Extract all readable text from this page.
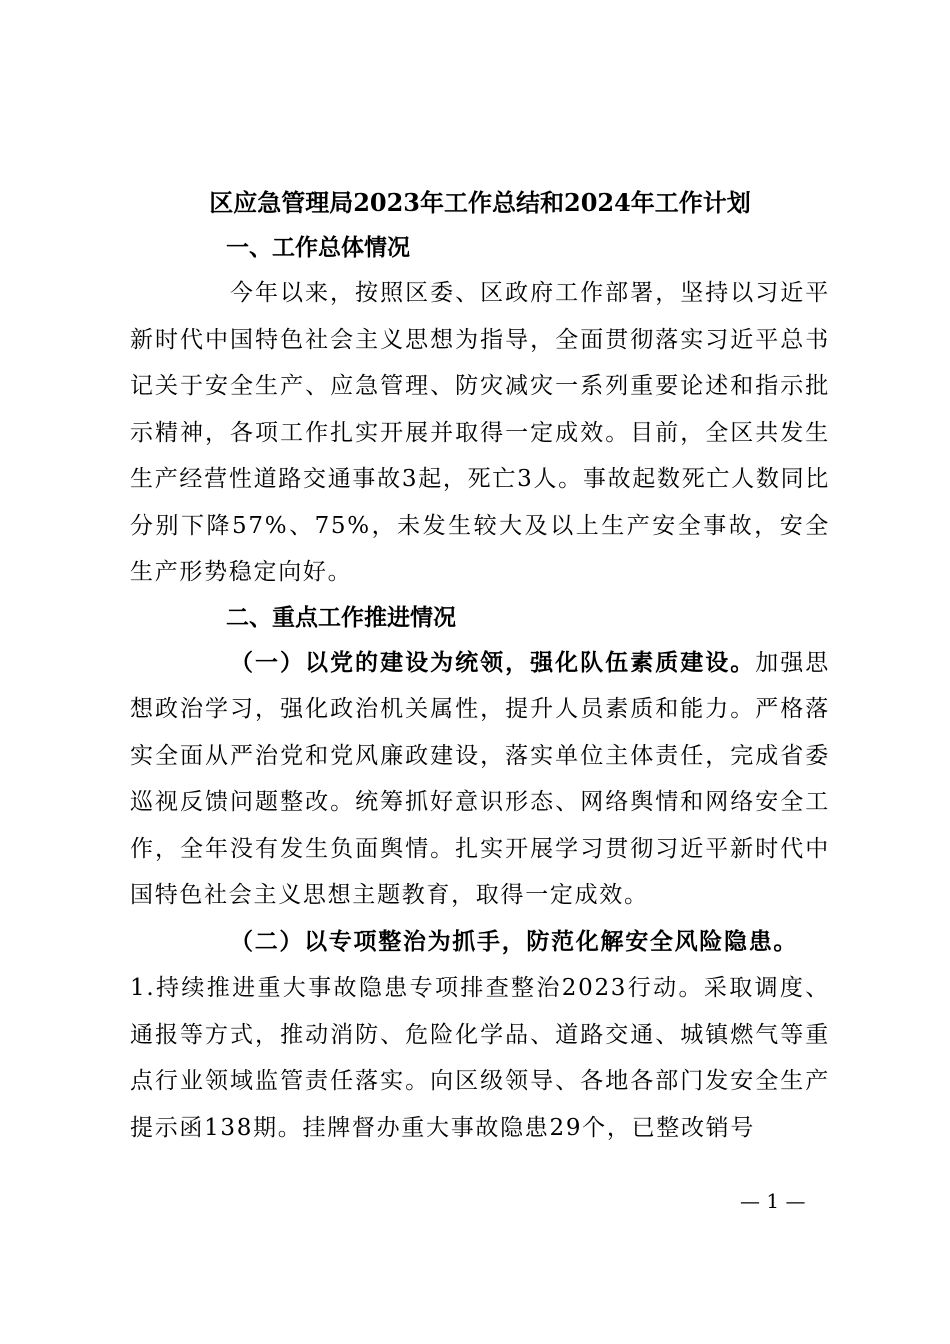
区应急管理局2023年工作总结和2024年工作计划
一、工作总体情况

今年以来，按照区委、区政府工作部署，坚持以习近平新时代中国特色社会主义思想为指导，全面贯彻落实习近平总书记关于安全生产、应急管理、防灾减灾一系列重要论述和指示批示精神，各项工作扎实开展并取得一定成效。目前，全区共发生生产经营性道路交通事故3起，死亡3人。事故起数死亡人数同比分别下降57%、75%，未发生较大及以上生产安全事故，安全生产形势稳定向好。

二、重点工作推进情况

（一）以党的建设为统领，强化队伍素质建设。加强思想政治学习，强化政治机关属性，提升人员素质和能力。严格落实全面从严治党和党风廉政建设，落实单位主体责任，完成省委巡视反馈问题整改。统筹抓好意识形态、网络舆情和网络安全工作，全年没有发生负面舆情。扎实开展学习贯彻习近平新时代中国特色社会主义思想主题教育，取得一定成效。

（二）以专项整治为抓手，防范化解安全风险隐患。

1.持续推进重大事故隐患专项排查整治2023行动。采取调度、通报等方式，推动消防、危险化学品、道路交通、城镇燃气等重点行业领域监管责任落实。向区级领导、各地各部门发安全生产提示函138期。挂牌督办重大事故隐患29个，已整改销号

— 1 —
